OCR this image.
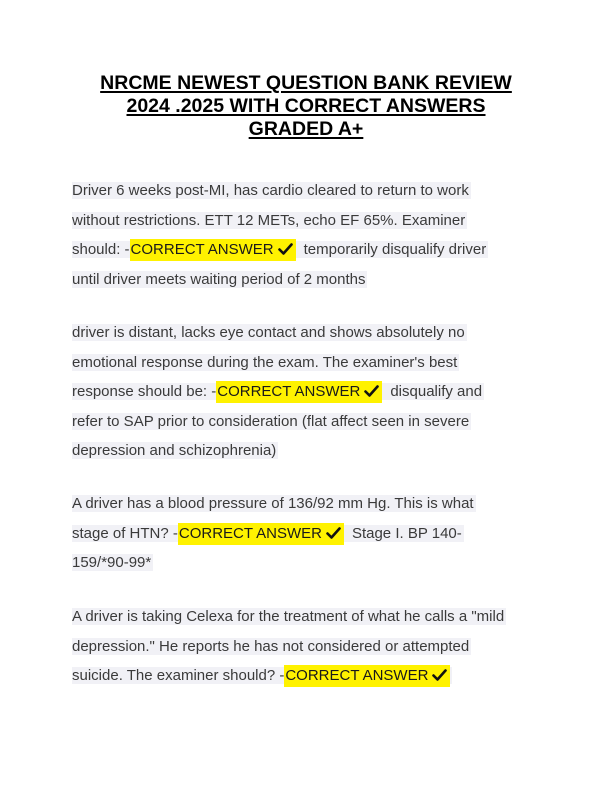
NRCME NEWEST QUESTION BANK REVIEW
2024 .2025 WITH CORRECT ANSWERS
GRADED A+
Driver 6 weeks post-MI, has cardio cleared to return to work
without restrictions. ETT 12 METs, echo EF 65%. Examiner
should: -CORRECT ANSWER temporarily disqualify driver
until driver meets waiting period of 2 months
driver is distant, lacks eye contact and shows absolutely no
emotional response during the exam. The examiner's best
response should be: -CORRECT ANSWER disqualify and
refer to SAP prior to consideration (flat affect seen in severe
depression and schizophrenia)
A driver has a blood pressure of 136/92 mm Hg. This is what
stage of HTN? -CORRECT ANSWER Stage I. BP 140-
159/*90-99*
A driver is taking Celexa for the treatment of what he calls a "mild
depression." He reports he has not considered or attempted
suicide. The examiner should? -CORRECT ANSWER
